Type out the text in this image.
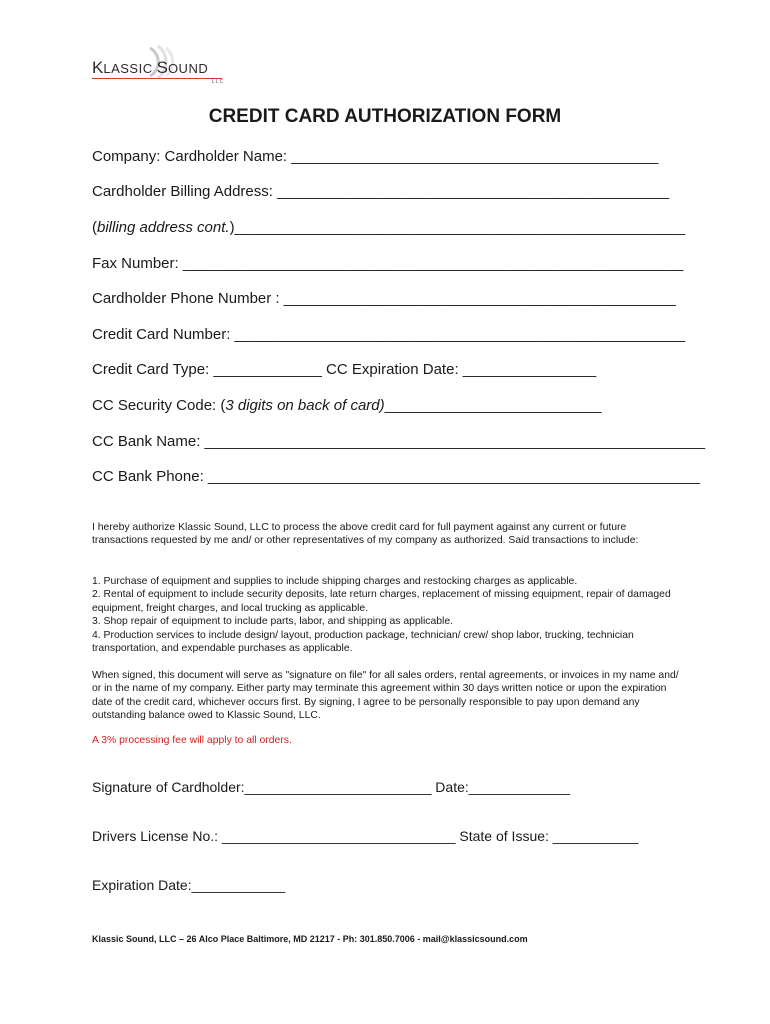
KLASSIC SOUND
LLC
CREDIT CARD AUTHORIZATION FORM

Company: Cardholder Name: ____________________________________________

Cardholder Billing Address: _______________________________________________

(billing address cont.)______________________________________________________

Fax Number: ____________________________________________________________

Cardholder Phone Number : _______________________________________________

Credit Card Number: ______________________________________________________

Credit Card Type: _____________ CC Expiration Date: ________________

CC Security Code: (3 digits on back of card)__________________________

CC Bank Name: ____________________________________________________________

CC Bank Phone: ___________________________________________________________

I hereby authorize Klassic Sound, LLC to process the above credit card for full payment against any current or future transactions requested by me and/ or other representatives of my company as authorized. Said transactions to include:

1. Purchase of equipment and supplies to include shipping charges and restocking charges as applicable.
2. Rental of equipment to include security deposits, late return charges, replacement of missing equipment, repair of damaged equipment, freight charges, and local trucking as applicable.
3. Shop repair of equipment to include parts, labor, and shipping as applicable.
4. Production services to include design/ layout, production package, technician/ crew/ shop labor, trucking, technician transportation, and expendable purchases as applicable.

When signed, this document will serve as "signature on file" for all sales orders, rental agreements, or invoices in my name and/ or in the name of my company. Either party may terminate this agreement within 30 days written notice or upon the expiration date of the credit card, whichever occurs first. By signing, I agree to be personally responsible to pay upon demand any outstanding balance owed to Klassic Sound, LLC.

A 3% processing fee will apply to all orders.

Signature of Cardholder:________________________ Date:_____________

Drivers License No.: ______________________________ State of Issue: ___________

Expiration Date:____________

Klassic Sound, LLC – 26 Alco Place Baltimore, MD 21217 - Ph: 301.850.7006 - mail@klassicsound.com
